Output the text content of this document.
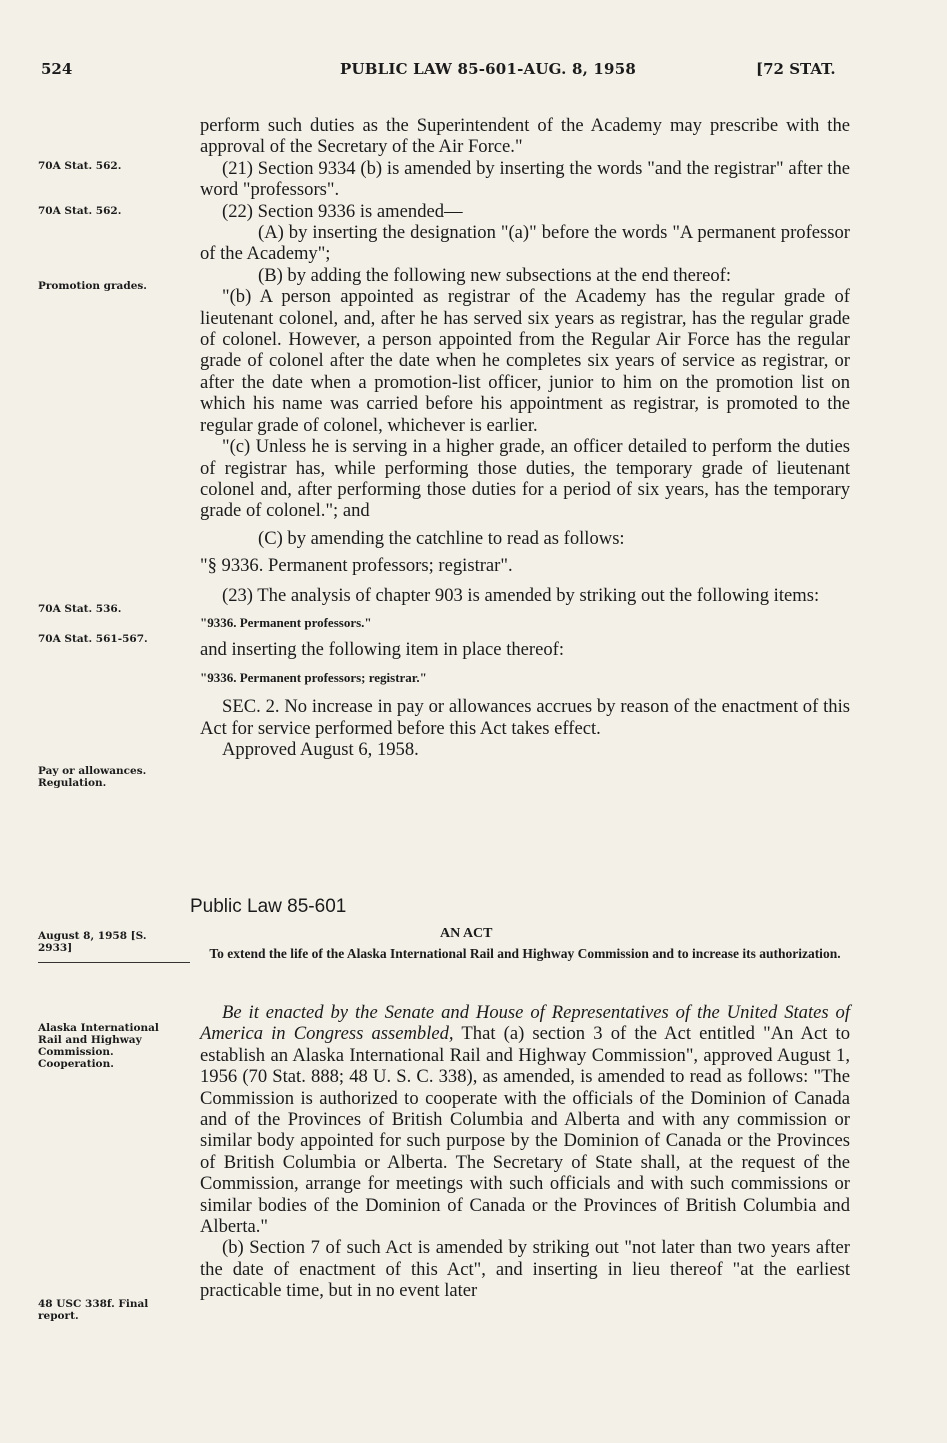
524	PUBLIC LAW 85-601-AUG. 8, 1958	[72 STAT.
70A Stat. 562.
70A Stat. 562.
Promotion grades.
70A Stat. 536.
70A Stat. 561-567.
Pay or allowances. Regulation.
August 8, 1958 [S. 2933]
Alaska International Rail and Highway Commission. Cooperation.
48 USC 338f. Final report.

perform such duties as the Superintendent of the Academy may prescribe with the approval of the Secretary of the Air Force."

(21) Section 9334 (b) is amended by inserting the words "and the registrar" after the word "professors".

(22) Section 9336 is amended—

(A) by inserting the designation "(a)" before the words "A permanent professor of the Academy";

(B) by adding the following new subsections at the end thereof:

"(b) A person appointed as registrar of the Academy has the regular grade of lieutenant colonel, and, after he has served six years as registrar, has the regular grade of colonel. However, a person appointed from the Regular Air Force has the regular grade of colonel after the date when he completes six years of service as registrar, or after the date when a promotion-list officer, junior to him on the promotion list on which his name was carried before his appointment as registrar, is promoted to the regular grade of colonel, whichever is earlier.

"(c) Unless he is serving in a higher grade, an officer detailed to perform the duties of registrar has, while performing those duties, the temporary grade of lieutenant colonel and, after performing those duties for a period of six years, has the temporary grade of colonel."; and

(C) by amending the catchline to read as follows:

"§ 9336. Permanent professors; registrar".

(23) The analysis of chapter 903 is amended by striking out the following items:

"9336. Permanent professors."

and inserting the following item in place thereof:

"9336. Permanent professors; registrar."

SEC. 2. No increase in pay or allowances accrues by reason of the enactment of this Act for service performed before this Act takes effect.

Approved August 6, 1958.

Public Law 85-601
AN ACT
To extend the life of the Alaska International Rail and Highway Commission and to increase its authorization.

Be it enacted by the Senate and House of Representatives of the United States of America in Congress assembled, That (a) section 3 of the Act entitled "An Act to establish an Alaska International Rail and Highway Commission", approved August 1, 1956 (70 Stat. 888; 48 U. S. C. 338), as amended, is amended to read as follows: "The Commission is authorized to cooperate with the officials of the Dominion of Canada and of the Provinces of British Columbia and Alberta and with any commission or similar body appointed for such purpose by the Dominion of Canada or the Provinces of British Columbia or Alberta. The Secretary of State shall, at the request of the Commission, arrange for meetings with such officials and with such commissions or similar bodies of the Dominion of Canada or the Provinces of British Columbia and Alberta."

(b) Section 7 of such Act is amended by striking out "not later than two years after the date of enactment of this Act", and inserting in lieu thereof "at the earliest practicable time, but in no event later
